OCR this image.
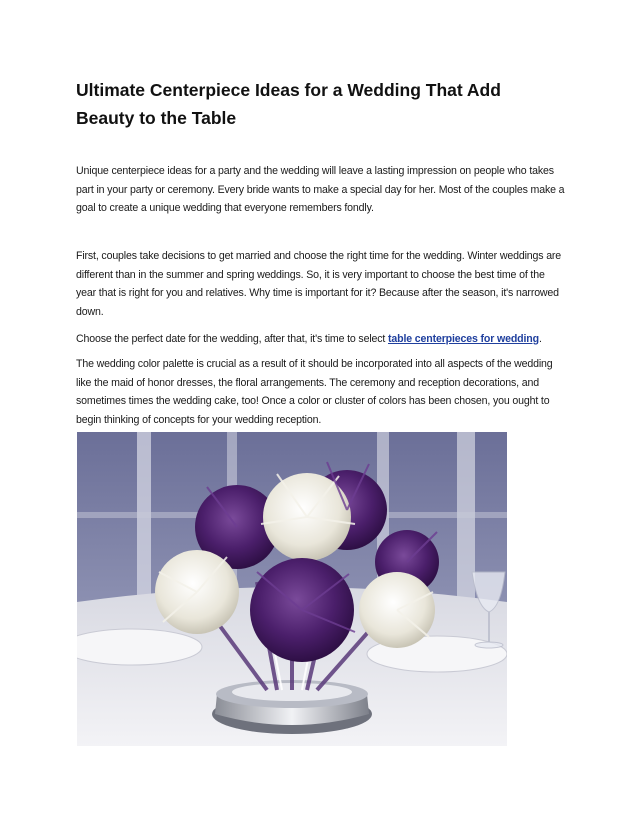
Ultimate Centerpiece Ideas for a Wedding That Add Beauty to the Table
Unique centerpiece ideas for a party and the wedding will leave a lasting impression on people who takes part in your party or ceremony. Every bride wants to make a special day for her. Most of the couples make a goal to create a unique wedding that everyone remembers fondly.
First, couples take decisions to get married and choose the right time for the wedding. Winter weddings are different than in the summer and spring weddings. So, it is very important to choose the best time of the year that is right for you and relatives. Why time is important for it? Because after the season, it's narrowed down.
Choose the perfect date for the wedding, after that, it's time to select table centerpieces for wedding.
The wedding color palette is crucial as a result of it should be incorporated into all aspects of the wedding like the maid of honor dresses, the floral arrangements. The ceremony and reception decorations, and sometimes times the wedding cake, too! Once a color or cluster of colors has been chosen, you ought to begin thinking of concepts for your wedding reception.
